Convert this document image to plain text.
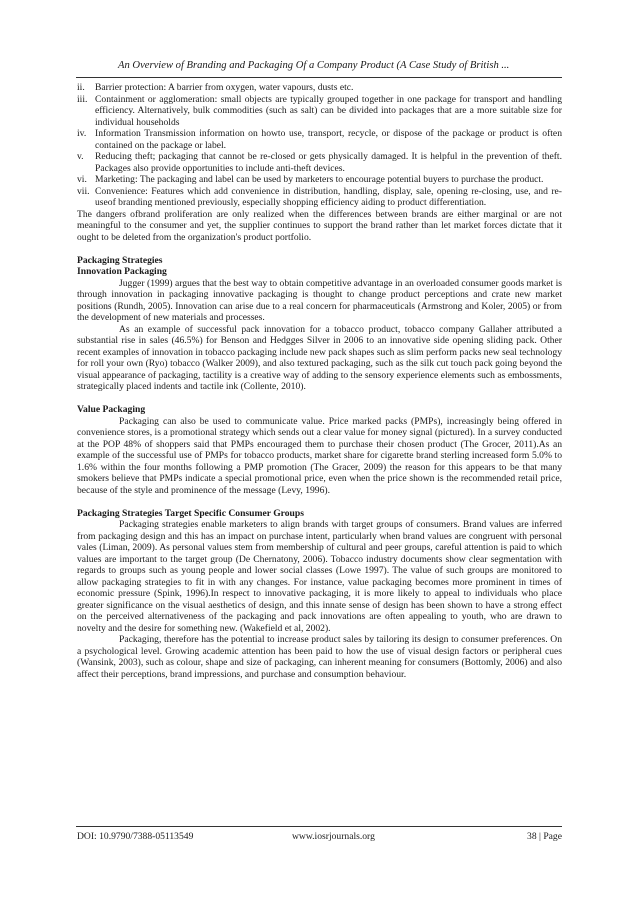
An Overview of Branding and Packaging Of a Company Product (A Case Study of British ...
ii. Barrier protection: A barrier from oxygen, water vapours, dusts etc.
iii. Containment or agglomeration: small objects are typically grouped together in one package for transport and handling efficiency. Alternatively, bulk commodities (such as salt) can be divided into packages that are a more suitable size for individual households
iv. Information Transmission information on howto use, transport, recycle, or dispose of the package or product is often contained on the package or label.
v. Reducing theft; packaging that cannot be re-closed or gets physically damaged. It is helpful in the prevention of theft. Packages also provide opportunities to include anti-theft devices.
vi. Marketing: The packaging and label can be used by marketers to encourage potential buyers to purchase the product.
vii. Convenience: Features which add convenience in distribution, handling, display, sale, opening re-closing, use, and re-useof branding mentioned previously, especially shopping efficiency aiding to product differentiation.

The dangers ofbrand proliferation are only realized when the differences between brands are either marginal or are not meaningful to the consumer and yet, the supplier continues to support the brand rather than let market forces dictate that it ought to be deleted from the organization's product portfolio.

Packaging Strategies

Innovation Packaging

Jugger (1999) argues that the best way to obtain competitive advantage in an overloaded consumer goods market is through innovation in packaging innovative packaging is thought to change product perceptions and crate new market positions (Rundh, 2005). Innovation can arise due to a real concern for pharmaceuticals (Armstrong and Koler, 2005) or from the development of new materials and processes.

As an example of successful pack innovation for a tobacco product, tobacco company Gallaher attributed a substantial rise in sales (46.5%) for Benson and Hedgges Silver in 2006 to an innovative side opening sliding pack. Other recent examples of innovation in tobacco packaging include new pack shapes such as slim perform packs new seal technology for roll your own (Ryo) tobacco (Walker 2009), and also textured packaging, such as the silk cut touch pack going beyond the visual appearance of packaging, tactility is a creative way of adding to the sensory experience elements such as embossments, strategically placed indents and tactile ink (Collente, 2010).

Value Packaging

Packaging can also be used to communicate value. Price marked packs (PMPs), increasingly being offered in convenience stores, is a promotional strategy which sends out a clear value for money signal (pictured). In a survey conducted at the POP 48% of shoppers said that PMPs encouraged them to purchase their chosen product (The Grocer, 2011).As an example of the successful use of PMPs for tobacco products, market share for cigarette brand sterling increased form 5.0% to 1.6% within the four months following a PMP promotion (The Gracer, 2009) the reason for this appears to be that many smokers believe that PMPs indicate a special promotional price, even when the price shown is the recommended retail price, because of the style and prominence of the message (Levy, 1996).

Packaging Strategies Target Specific Consumer Groups

Packaging strategies enable marketers to align brands with target groups of consumers. Brand values are inferred from packaging design and this has an impact on purchase intent, particularly when brand values are congruent with personal vales (Liman, 2009). As personal values stem from membership of cultural and peer groups, careful attention is paid to which values are important to the target group (De Chernatony, 2006). Tobacco industry documents show clear segmentation with regards to groups such as young people and lower social classes (Lowe 1997). The value of such groups are monitored to allow packaging strategies to fit in with any changes. For instance, value packaging becomes more prominent in times of economic pressure (Spink, 1996).In respect to innovative packaging, it is more likely to appeal to individuals who place greater significance on the visual aesthetics of design, and this innate sense of design has been shown to have a strong effect on the perceived alternativeness of the packaging and pack innovations are often appealing to youth, who are drawn to novelty and the desire for something new. (Wakefield et al, 2002).

Packaging, therefore has the potential to increase product sales by tailoring its design to consumer preferences. On a psychological level. Growing academic attention has been paid to how the use of visual design factors or peripheral cues (Wansink, 2003), such as colour, shape and size of packaging, can inherent meaning for consumers (Bottomly, 2006) and also affect their perceptions, brand impressions, and purchase and consumption behaviour.

DOI: 10.9790/7388-05113549	www.iosrjournals.org	38 | Page
